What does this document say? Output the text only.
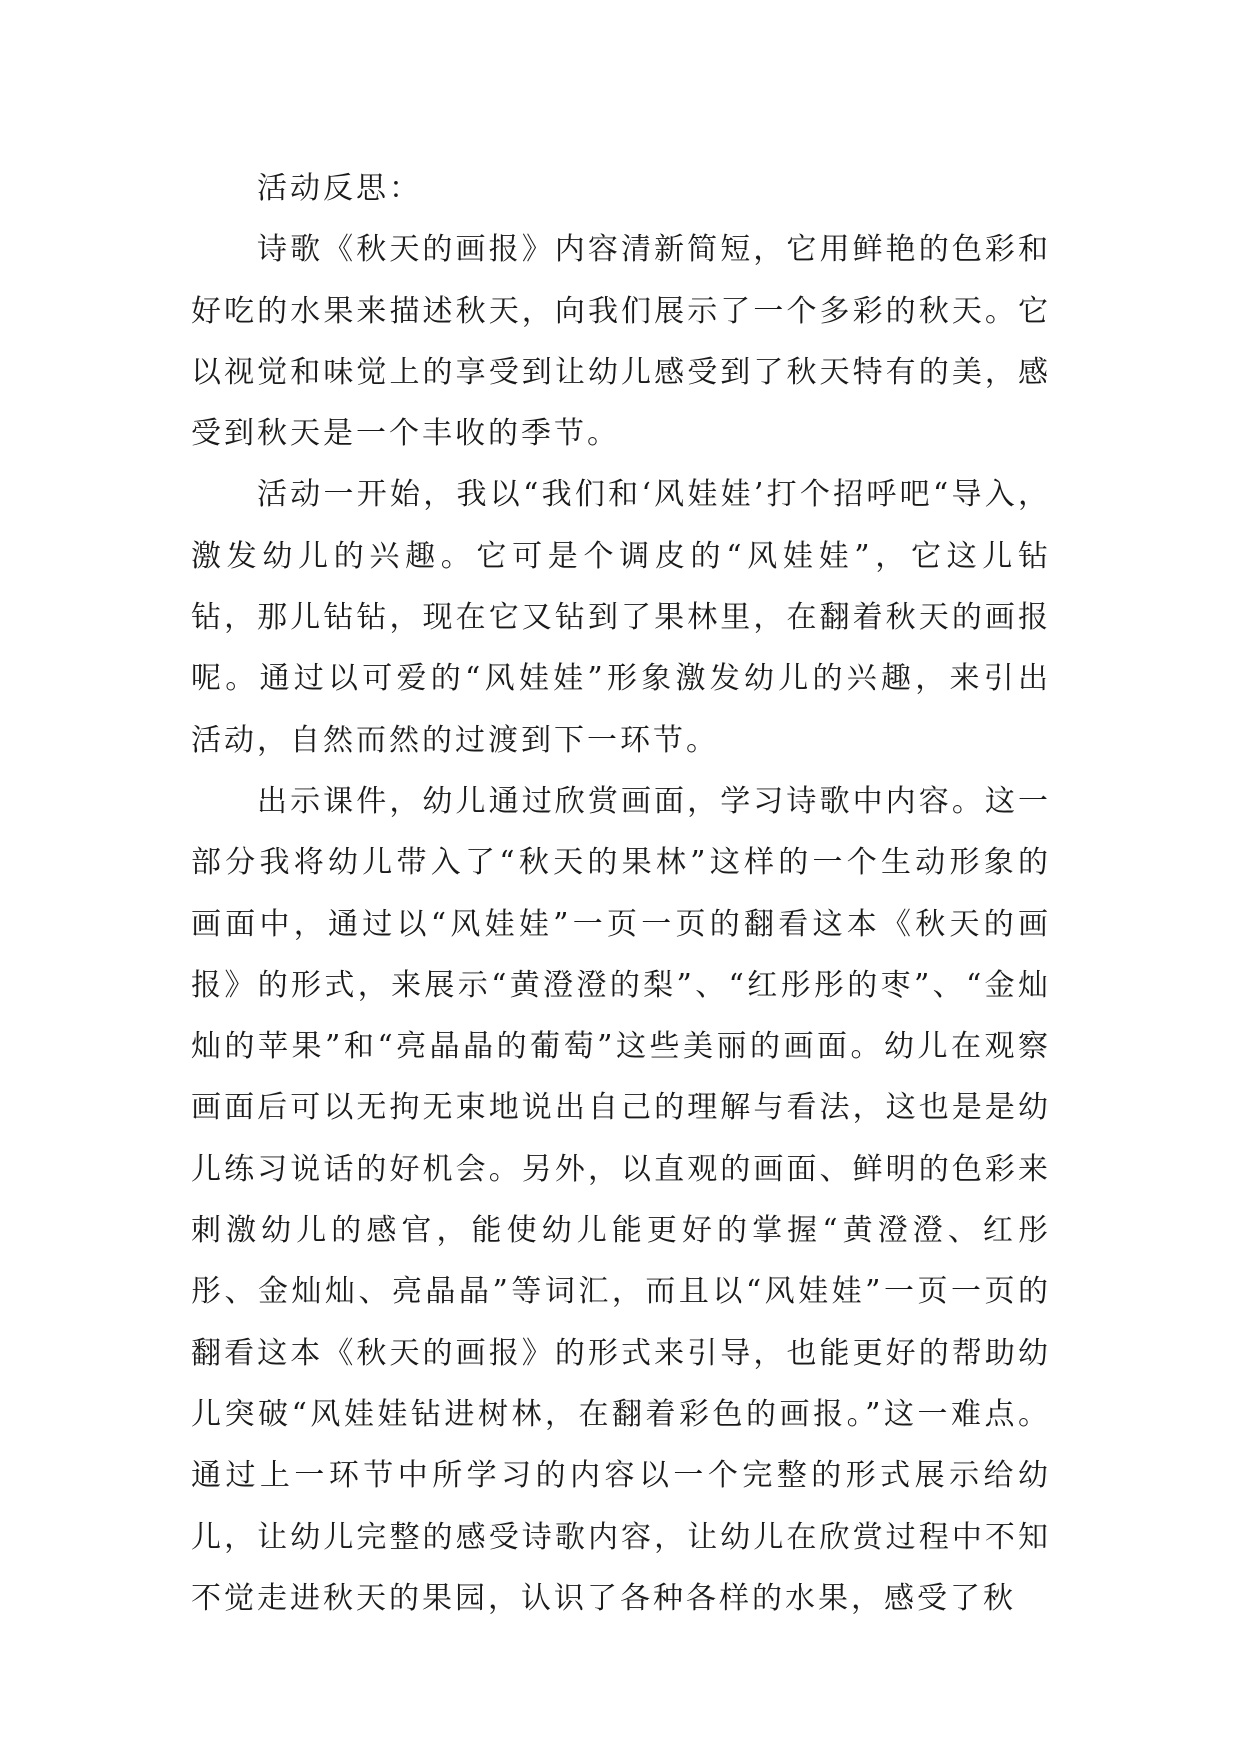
活动反思：

诗歌《秋天的画报》内容清新简短，它用鲜艳的色彩和好吃的水果来描述秋天，向我们展示了一个多彩的秋天。它以视觉和味觉上的享受到让幼儿感受到了秋天特有的美，感受到秋天是一个丰收的季节。

活动一开始，我以“我们和‘风娃娃’打个招呼吧“导入，激发幼儿的兴趣。它可是个调皮的“风娃娃”，它这儿钻钻，那儿钻钻，现在它又钻到了果林里，在翻着秋天的画报呢。通过以可爱的“风娃娃”形象激发幼儿的兴趣，来引出活动，自然而然的过渡到下一环节。

出示课件，幼儿通过欣赏画面，学习诗歌中内容。这一部分我将幼儿带入了“秋天的果林”这样的一个生动形象的画面中，通过以“风娃娃”一页一页的翻看这本《秋天的画报》的形式，来展示“黄澄澄的梨”、“红彤彤的枣”、“金灿灿的苹果”和“亮晶晶的葡萄”这些美丽的画面。幼儿在观察画面后可以无拘无束地说出自己的理解与看法，这也是是幼儿练习说话的好机会。另外，以直观的画面、鲜明的色彩来刺激幼儿的感官，能使幼儿能更好的掌握“黄澄澄、红彤彤、金灿灿、亮晶晶”等词汇，而且以“风娃娃”一页一页的翻看这本《秋天的画报》的形式来引导，也能更好的帮助幼儿突破“风娃娃钻进树林，在翻着彩色的画报。”这一难点。通过上一环节中所学习的内容以一个完整的形式展示给幼儿，让幼儿完整的感受诗歌内容，让幼儿在欣赏过程中不知不觉走进秋天的果园，认识了各种各样的水果，感受了秋
